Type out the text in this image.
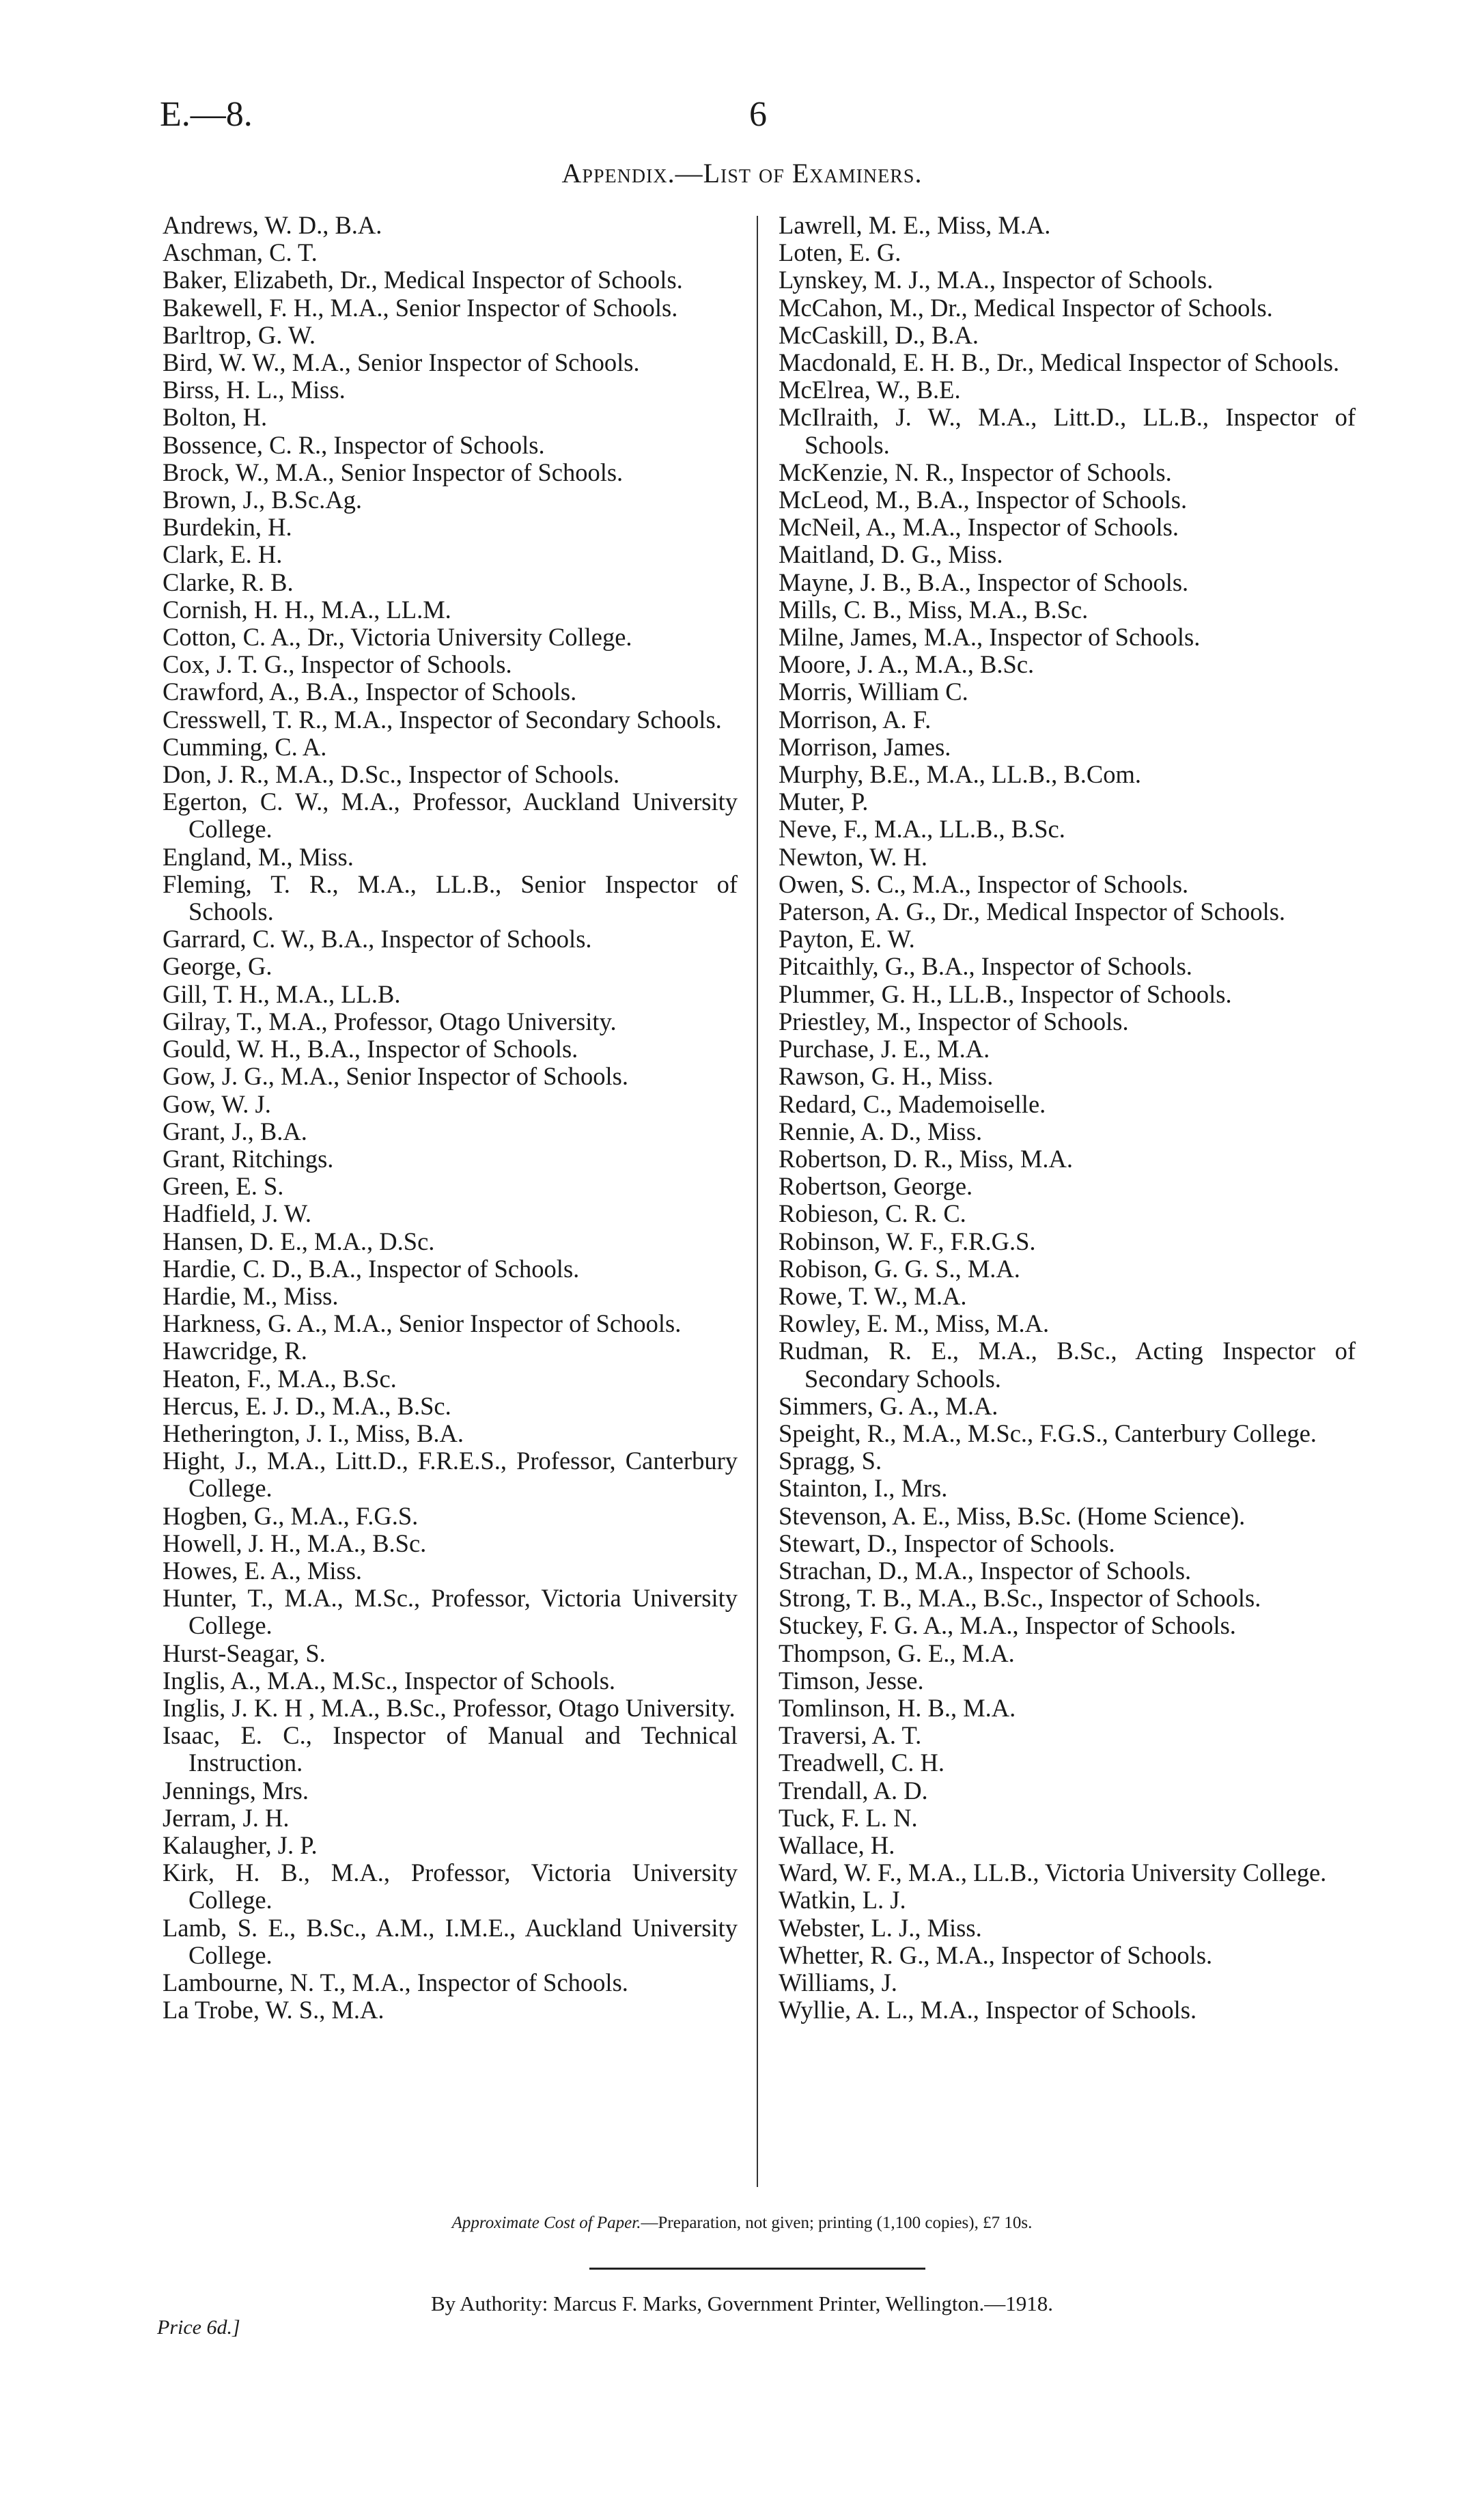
E.—8.	6
Appendix.—List of Examiners.
Andrews, W. D., B.A.
Aschman, C. T.
Baker, Elizabeth, Dr., Medical Inspector of Schools.
Bakewell, F. H., M.A., Senior Inspector of Schools.
Barltrop, G. W.
Bird, W. W., M.A., Senior Inspector of Schools.
Birss, H. L., Miss.
Bolton, H.
Bossence, C. R., Inspector of Schools.
Brock, W., M.A., Senior Inspector of Schools.
Brown, J., B.Sc.Ag.
Burdekin, H.
Clark, E. H.
Clarke, R. B.
Cornish, H. H., M.A., LL.M.
Cotton, C. A., Dr., Victoria University College.
Cox, J. T. G., Inspector of Schools.
Crawford, A., B.A., Inspector of Schools.
Cresswell, T. R., M.A., Inspector of Secondary Schools.
Cumming, C. A.
Don, J. R., M.A., D.Sc., Inspector of Schools.
Egerton, C. W., M.A., Professor, Auckland University College.
England, M., Miss.
Fleming, T. R., M.A., LL.B., Senior Inspector of Schools.
Garrard, C. W., B.A., Inspector of Schools.
George, G.
Gill, T. H., M.A., LL.B.
Gilray, T., M.A., Professor, Otago University.
Gould, W. H., B.A., Inspector of Schools.
Gow, J. G., M.A., Senior Inspector of Schools.
Gow, W. J.
Grant, J., B.A.
Grant, Ritchings.
Green, E. S.
Hadfield, J. W.
Hansen, D. E., M.A., D.Sc.
Hardie, C. D., B.A., Inspector of Schools.
Hardie, M., Miss.
Harkness, G. A., M.A., Senior Inspector of Schools.
Hawcridge, R.
Heaton, F., M.A., B.Sc.
Hercus, E. J. D., M.A., B.Sc.
Hetherington, J. I., Miss, B.A.
Hight, J., M.A., Litt.D., F.R.E.S., Professor, Canterbury College.
Hogben, G., M.A., F.G.S.
Howell, J. H., M.A., B.Sc.
Howes, E. A., Miss.
Hunter, T., M.A., M.Sc., Professor, Victoria University College.
Hurst-Seagar, S.
Inglis, A., M.A., M.Sc., Inspector of Schools.
Inglis, J. K. H , M.A., B.Sc., Professor, Otago University.
Isaac, E. C., Inspector of Manual and Technical Instruction.
Jennings, Mrs.
Jerram, J. H.
Kalaugher, J. P.
Kirk, H. B., M.A., Professor, Victoria University College.
Lamb, S. E., B.Sc., A.M., I.M.E., Auckland University College.
Lambourne, N. T., M.A., Inspector of Schools.
La Trobe, W. S., M.A.
Lawrell, M. E., Miss, M.A.
Loten, E. G.
Lynskey, M. J., M.A., Inspector of Schools.
McCahon, M., Dr., Medical Inspector of Schools.
McCaskill, D., B.A.
Macdonald, E. H. B., Dr., Medical Inspector of Schools.
McElrea, W., B.E.
McIlraith, J. W., M.A., Litt.D., LL.B., Inspector of Schools.
McKenzie, N. R., Inspector of Schools.
McLeod, M., B.A., Inspector of Schools.
McNeil, A., M.A., Inspector of Schools.
Maitland, D. G., Miss.
Mayne, J. B., B.A., Inspector of Schools.
Mills, C. B., Miss, M.A., B.Sc.
Milne, James, M.A., Inspector of Schools.
Moore, J. A., M.A., B.Sc.
Morris, William C.
Morrison, A. F.
Morrison, James.
Murphy, B.E., M.A., LL.B., B.Com.
Muter, P.
Neve, F., M.A., LL.B., B.Sc.
Newton, W. H.
Owen, S. C., M.A., Inspector of Schools.
Paterson, A. G., Dr., Medical Inspector of Schools.
Payton, E. W.
Pitcaithly, G., B.A., Inspector of Schools.
Plummer, G. H., LL.B., Inspector of Schools.
Priestley, M., Inspector of Schools.
Purchase, J. E., M.A.
Rawson, G. H., Miss.
Redard, C., Mademoiselle.
Rennie, A. D., Miss.
Robertson, D. R., Miss, M.A.
Robertson, George.
Robieson, C. R. C.
Robinson, W. F., F.R.G.S.
Robison, G. G. S., M.A.
Rowe, T. W., M.A.
Rowley, E. M., Miss, M.A.
Rudman, R. E., M.A., B.Sc., Acting Inspector of Secondary Schools.
Simmers, G. A., M.A.
Speight, R., M.A., M.Sc., F.G.S., Canterbury College.
Spragg, S.
Stainton, I., Mrs.
Stevenson, A. E., Miss, B.Sc. (Home Science).
Stewart, D., Inspector of Schools.
Strachan, D., M.A., Inspector of Schools.
Strong, T. B., M.A., B.Sc., Inspector of Schools.
Stuckey, F. G. A., M.A., Inspector of Schools.
Thompson, G. E., M.A.
Timson, Jesse.
Tomlinson, H. B., M.A.
Traversi, A. T.
Treadwell, C. H.
Trendall, A. D.
Tuck, F. L. N.
Wallace, H.
Ward, W. F., M.A., LL.B., Victoria University College.
Watkin, L. J.
Webster, L. J., Miss.
Whetter, R. G., M.A., Inspector of Schools.
Williams, J.
Wyllie, A. L., M.A., Inspector of Schools.
Approximate Cost of Paper.—Preparation, not given; printing (1,100 copies), £7 10s.
By Authority: Marcus F. Marks, Government Printer, Wellington.—1918.
Price 6d.]
